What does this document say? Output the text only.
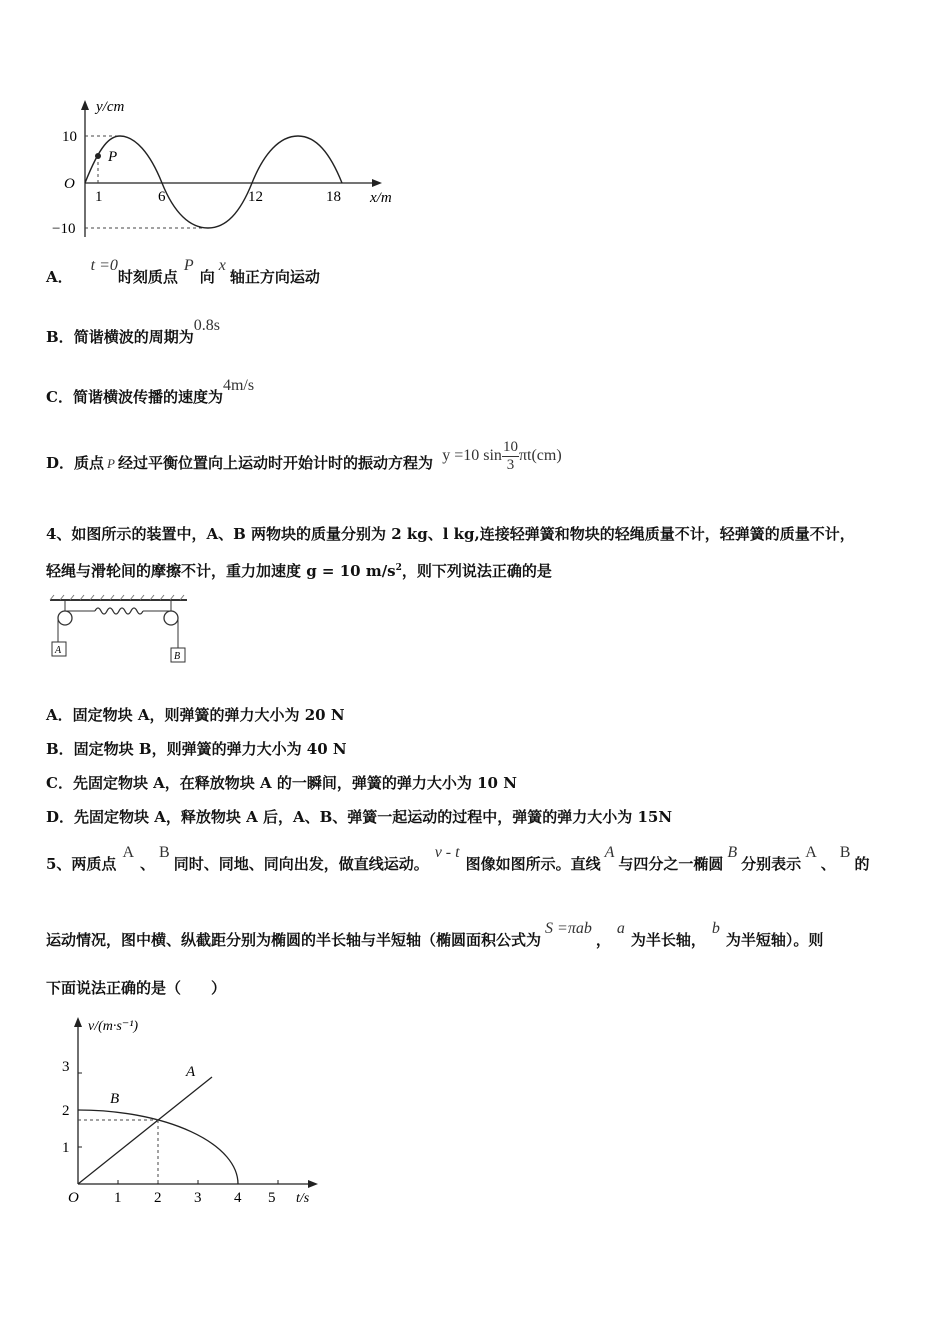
P
y/cm
x/m
O
10
−10
1	6	12	18
A．t =0时刻质点P向x轴正方向运动
B．简谐横波的周期为0.8s
C．简谐横波传播的速度为4m/s
D．质点 P 经过平衡位置向上运动时开始计时的振动方程为 y =10 $\sin \frac{10}{3} \pi t(cm)$
4、如图所示的装置中，A、B 两物块的质量分别为 2 kg、l kg,连接轻弹簧和物块的轻绳质量不计，轻弹簧的质量不计，
轻绳与滑轮间的摩擦不计，重力加速度 g = 10 $m/s^2$，则下列说法正确的是
A
B
A．固定物块 A，则弹簧的弹力大小为 20 N
B．固定物块 B，则弹簧的弹力大小为 40 N
C．先固定物块 A，在释放物块 A 的一瞬间，弹簧的弹力大小为 10 N
D．先固定物块 A，释放物块 A 后，A、B、弹簧一起运动的过程中，弹簧的弹力大小为 15N
5、两质点A、B同时、同地、同向出发，做直线运动。v - t图像如图所示。直线A与四分之一椭圆B分别表示A、B的
运动情况，图中横、纵截距分别为椭圆的半长轴与半短轴（椭圆面积公式为S =πab，a为半长轴，b为半短轴）。则
下面说法正确的是（　　）
v/(m·s⁻¹)
t/s
O
1
2
3
1 2 3 4 5
A
B
